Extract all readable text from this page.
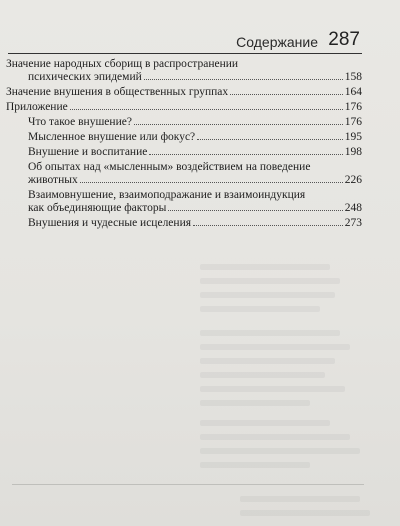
Содержание 287
Значение народных сборищ в распространении
психических эпидемий	158
Значение внушения в общественных группах	164
Приложение	176
Что такое внушение?	176
Мысленное внушение или фокус?	195
Внушение и воспитание	198
Об опытах над «мысленным» воздействием на поведение
животных	226
Взаимовнушение, взаимоподражание и взаимоиндукция
как объединяющие факторы	248
Внушения и чудесные исцеления	273
